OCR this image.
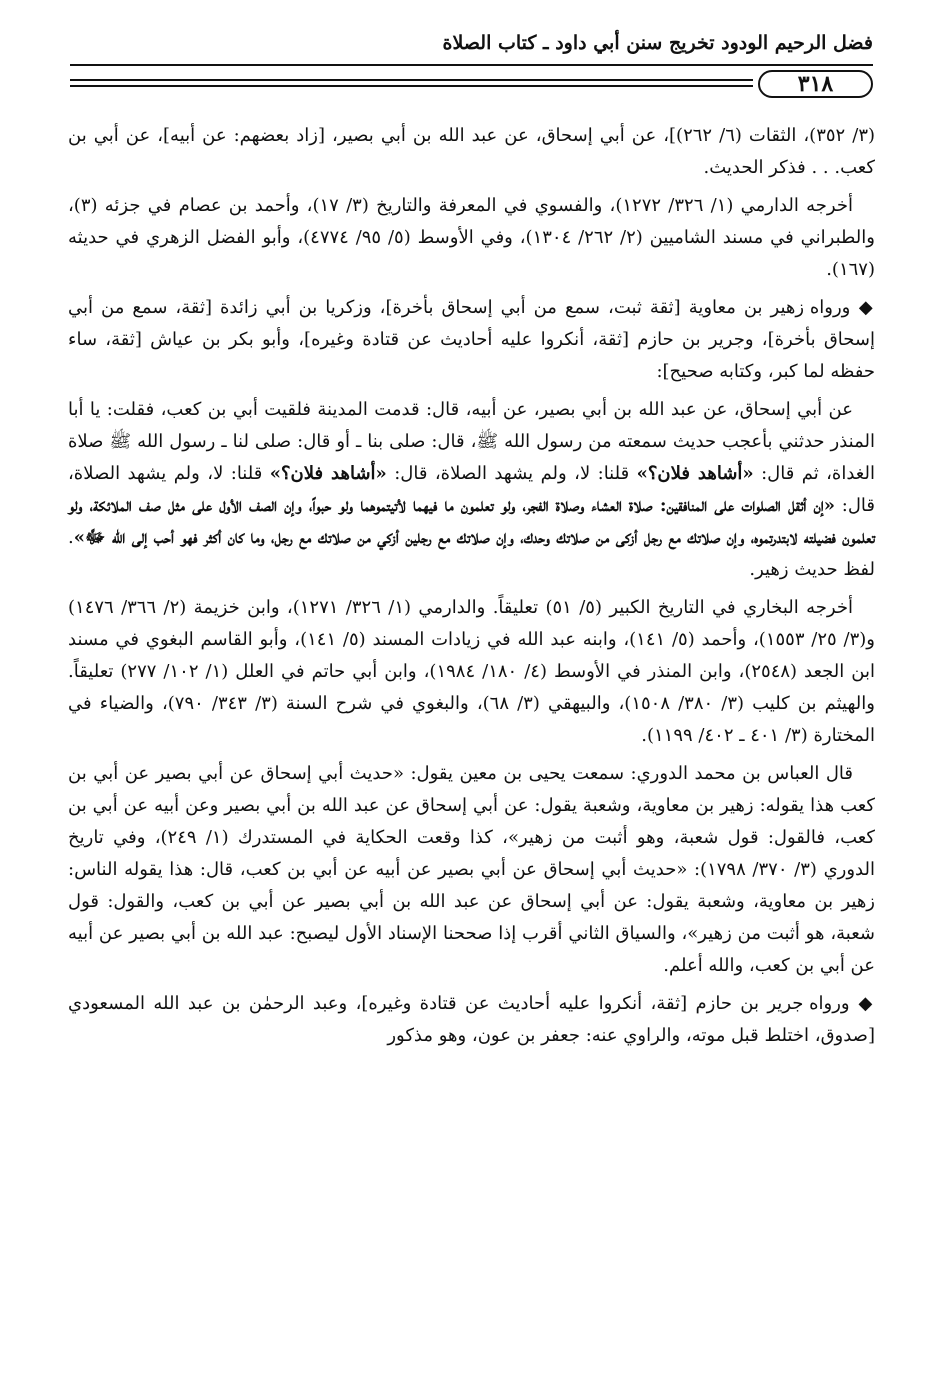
فضل الرحيم الودود تخريج سنن أبي داود ـ كتاب الصلاة
٣١٨

(٣/ ٣٥٢)، الثقات (٦/ ٢٦٢)]، عن أبي إسحاق، عن عبد الله بن أبي بصير، [زاد بعضهم: عن أبيه]، عن أبي بن كعب. . . فذكر الحديث.

أخرجه الدارمي (١/ ٣٢٦/ ١٢٧٢)، والفسوي في المعرفة والتاريخ (٣/ ١٧)، وأحمد بن عصام في جزئه (٣)، والطبراني في مسند الشاميين (٢/ ٢٦٢/ ١٣٠٤)، وفي الأوسط (٥/ ٩٥/ ٤٧٧٤)، وأبو الفضل الزهري في حديثه (١٦٧).

◆ ورواه زهير بن معاوية [ثقة ثبت، سمع من أبي إسحاق بأخرة]، وزكريا بن أبي زائدة [ثقة، سمع من أبي إسحاق بأخرة]، وجرير بن حازم [ثقة، أنكروا عليه أحاديث عن قتادة وغيره]، وأبو بكر بن عياش [ثقة، ساء حفظه لما كبر، وكتابه صحيح]:

عن أبي إسحاق، عن عبد الله بن أبي بصير، عن أبيه، قال: قدمت المدينة فلقيت أبي بن كعب، فقلت: يا أبا المنذر حدثني بأعجب حديث سمعته من رسول الله ﷺ، قال: صلى بنا ـ أو قال: صلى لنا ـ رسول الله ﷺ صلاة الغداة، ثم قال: «أشاهد فلان؟» قلنا: لا، ولم يشهد الصلاة، قال: «أشاهد فلان؟» قلنا: لا، ولم يشهد الصلاة، قال: «إن أثقل الصلوات على المنافقين: صلاة العشاء وصلاة الفجر، ولو تعلمون ما فيهما لأتيتموهما ولو حبواً، وإن الصف الأول على مثل صف الملائكة، ولو تعلمون فضيلته لابتدرتموه، وإن صلاتك مع رجل أزكى من صلاتك وحدك، وإن صلاتك مع رجلين أزكي من صلاتك مع رجل، وما كان أكثر فهو أحب إلى الله ﷻ». لفظ حديث زهير.

أخرجه البخاري في التاريخ الكبير (٥/ ٥١) تعليقاً. والدارمي (١/ ٣٢٦/ ١٢٧١)، وابن خزيمة (٢/ ٣٦٦/ ١٤٧٦) و(٣/ ٢٥/ ١٥٥٣)، وأحمد (٥/ ١٤١)، وابنه عبد الله في زيادات المسند (٥/ ١٤١)، وأبو القاسم البغوي في مسند ابن الجعد (٢٥٤٨)، وابن المنذر في الأوسط (٤/ ١٨٠/ ١٩٨٤)، وابن أبي حاتم في العلل (١/ ١٠٢/ ٢٧٧) تعليقاً. والهيثم بن كليب (٣/ ٣٨٠/ ١٥٠٨)، والبيهقي (٣/ ٦٨)، والبغوي في شرح السنة (٣/ ٣٤٣/ ٧٩٠)، والضياء في المختارة (٣/ ٤٠١ ـ ٤٠٢/ ١١٩٩).

قال العباس بن محمد الدوري: سمعت يحيى بن معين يقول: «حديث أبي إسحاق عن أبي بصير عن أبي بن كعب هذا يقوله: زهير بن معاوية، وشعبة يقول: عن أبي إسحاق عن عبد الله بن أبي بصير وعن أبيه عن أبي بن كعب، فالقول: قول شعبة، وهو أثبت من زهير»، كذا وقعت الحكاية في المستدرك (١/ ٢٤٩)، وفي تاريخ الدوري (٣/ ٣٧٠/ ١٧٩٨): «حديث أبي إسحاق عن أبي بصير عن أبيه عن أبي بن كعب، قال: هذا يقوله الناس: زهير بن معاوية، وشعبة يقول: عن أبي إسحاق عن عبد الله بن أبي بصير عن أبي بن كعب، والقول: قول شعبة، هو أثبت من زهير»، والسياق الثاني أقرب إذا صححنا الإسناد الأول ليصبح: عبد الله بن أبي بصير عن أبيه عن أبي بن كعب، والله أعلم.

◆ ورواه جرير بن حازم [ثقة، أنكروا عليه أحاديث عن قتادة وغيره]، وعبد الرحمٰن بن عبد الله المسعودي [صدوق، اختلط قبل موته، والراوي عنه: جعفر بن عون، وهو مذكور
